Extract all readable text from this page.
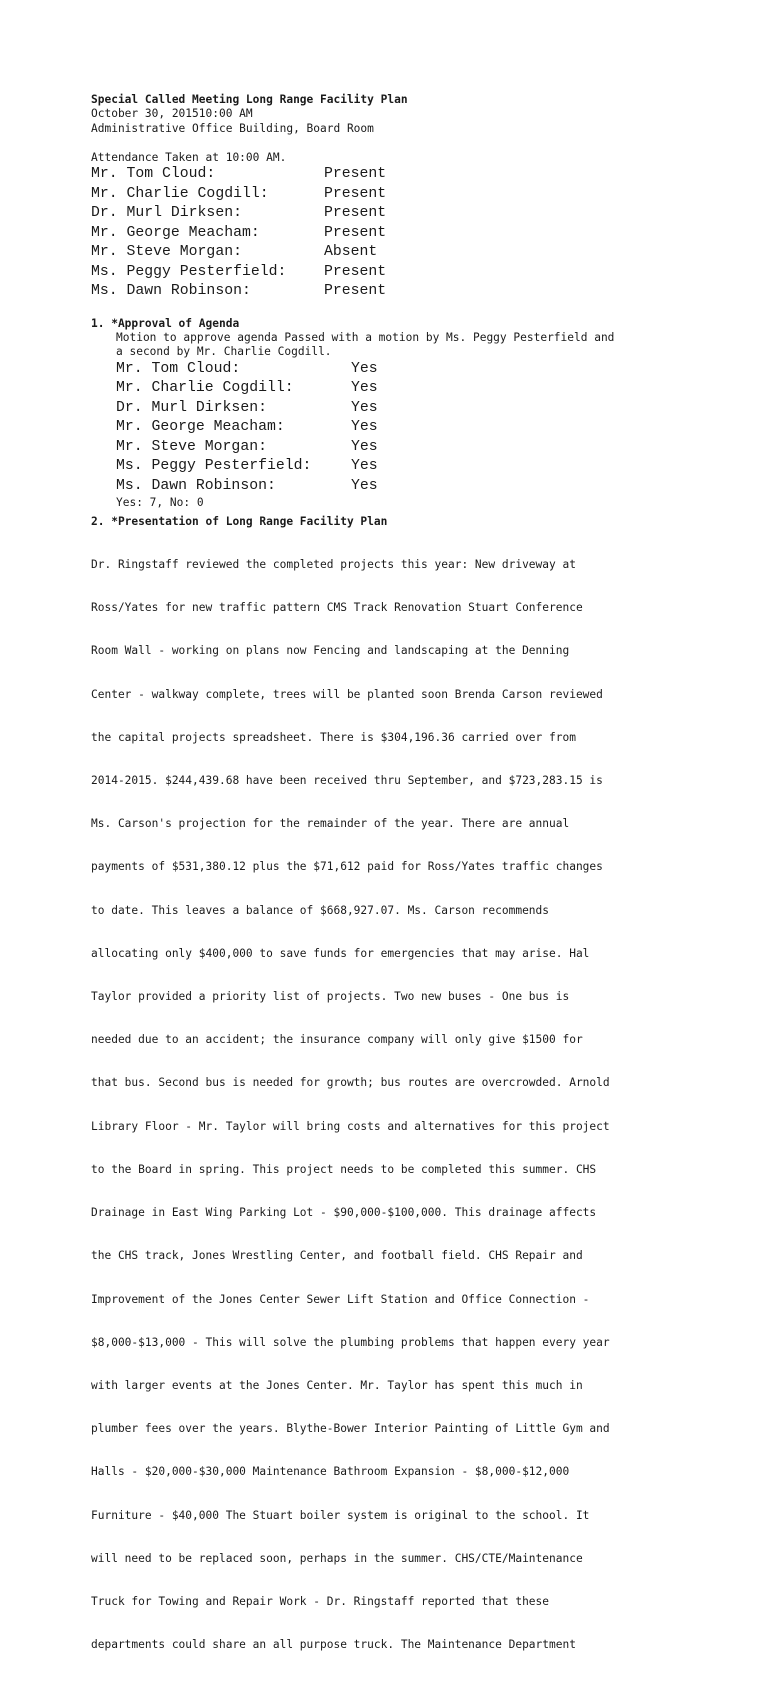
Special Called Meeting Long Range Facility Plan
October 30, 201510:00 AM
Administrative Office Building, Board Room
Attendance Taken at 10:00 AM.
Mr. Tom Cloud:	Present
Mr. Charlie Cogdill:	Present
Dr. Murl Dirksen:	Present
Mr. George Meacham:	Present
Mr. Steve Morgan:	Absent
Ms. Peggy Pesterfield:	Present
Ms. Dawn Robinson:	Present
1. *Approval of Agenda
Motion to approve agenda Passed with a motion by Ms. Peggy Pesterfield and
a second by Mr. Charlie Cogdill.
Mr. Tom Cloud:	Yes
Mr. Charlie Cogdill:	Yes
Dr. Murl Dirksen:	Yes
Mr. George Meacham:	Yes
Mr. Steve Morgan:	Yes
Ms. Peggy Pesterfield:	Yes
Ms. Dawn Robinson:	Yes
Yes: 7, No: 0
2. *Presentation of Long Range Facility Plan

Dr. Ringstaff reviewed the completed projects this year: New driveway at

Ross/Yates for new traffic pattern CMS Track Renovation Stuart Conference

Room Wall - working on plans now Fencing and landscaping at the Denning

Center - walkway complete, trees will be planted soon Brenda Carson reviewed

the capital projects spreadsheet. There is $304,196.36 carried over from

2014-2015. $244,439.68 have been received thru September, and $723,283.15 is

Ms. Carson's projection for the remainder of the year. There are annual

payments of $531,380.12 plus the $71,612 paid for Ross/Yates traffic changes

to date. This leaves a balance of $668,927.07. Ms. Carson recommends

allocating only $400,000 to save funds for emergencies that may arise. Hal

Taylor provided a priority list of projects. Two new buses - One bus is

needed due to an accident; the insurance company will only give $1500 for

that bus. Second bus is needed for growth; bus routes are overcrowded. Arnold

Library Floor - Mr. Taylor will bring costs and alternatives for this project

to the Board in spring. This project needs to be completed this summer. CHS

Drainage in East Wing Parking Lot - $90,000-$100,000. This drainage affects

the CHS track, Jones Wrestling Center, and football field. CHS Repair and

Improvement of the Jones Center Sewer Lift Station and Office Connection -

$8,000-$13,000 - This will solve the plumbing problems that happen every year

with larger events at the Jones Center. Mr. Taylor has spent this much in

plumber fees over the years. Blythe-Bower Interior Painting of Little Gym and

Halls - $20,000-$30,000 Maintenance Bathroom Expansion - $8,000-$12,000

Furniture - $40,000 The Stuart boiler system is original to the school. It

will need to be replaced soon, perhaps in the summer. CHS/CTE/Maintenance

Truck for Towing and Repair Work - Dr. Ringstaff reported that these

departments could share an all purpose truck. The Maintenance Department
